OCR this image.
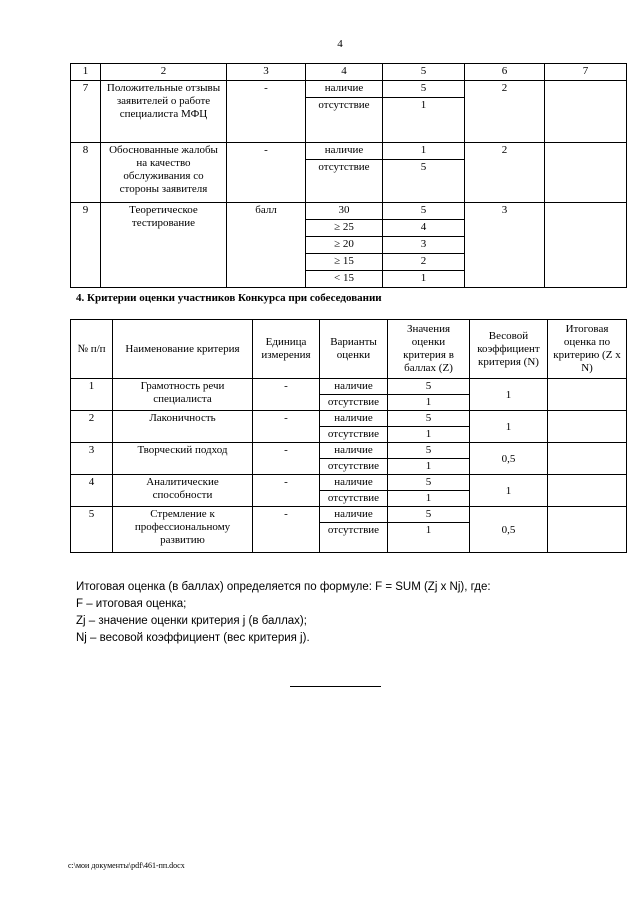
4
1	2	3	4	5	6	7
7	Положительные отзывы заявителей о работе специалиста МФЦ	-	наличие	5	2	
			отсутствие	1		
8	Обоснованные жалобы на качество обслуживания со стороны заявителя	-	наличие	1	2	
			отсутствие	5		
9	Теоретическое тестирование	балл	30	5	3	
			≥ 25	4		
			≥ 20	3		
			≥ 15	2		
			< 15	1		
4. Критерии оценки участников Конкурса при собеседовании
№ п/п	Наименование критерия	Единица измерения	Варианты оценки	Значения оценки критерия в баллах (Z)	Весовой коэффициент критерия (N)	Итоговая оценка по критерию (Z x N)
1	Грамотность речи специалиста	-	наличие	5	1	
			отсутствие	1		
2	Лаконичность	-	наличие	5	1	
			отсутствие	1		
3	Творческий подход	-	наличие	5	0,5	
			отсутствие	1		
4	Аналитические способности	-	наличие	5	1	
			отсутствие	1		
5	Стремление к профессиональному развитию	-	наличие	5	0,5	
			отсутствие	1		
Итоговая оценка (в баллах) определяется по формуле: F = SUM (Zj x Nj), где:
F – итоговая оценка;
Zj – значение оценки критерия j (в баллах);
Nj – весовой коэффициент (вес критерия j).
c:\мои документы\pdf\461-пп.docx
